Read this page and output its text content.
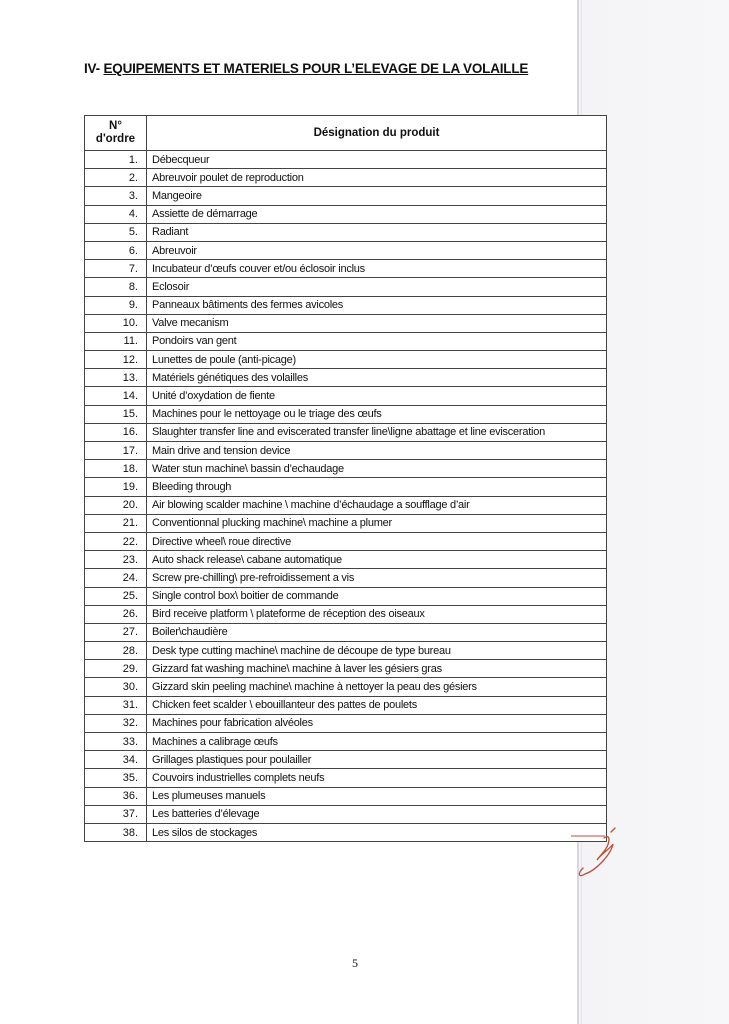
IV- EQUIPEMENTS ET MATERIELS POUR L’ELEVAGE DE LA VOLAILLE
N°
d'ordre	Désignation du produit
1.	Débecqueur
2.	Abreuvoir poulet de reproduction
3.	Mangeoire
4.	Assiette de démarrage
5.	Radiant
6.	Abreuvoir
7.	Incubateur d’œufs couver et/ou éclosoir inclus
8.	Eclosoir
9.	Panneaux bâtiments des fermes avicoles
10.	Valve mecanism
11.	Pondoirs van gent
12.	Lunettes de poule (anti-picage)
13.	Matériels génétiques des volailles
14.	Unité d’oxydation de fiente
15.	Machines pour le nettoyage ou le triage des œufs
16.	Slaughter transfer line and eviscerated transfer line\ligne abattage et line evisceration
17.	Main drive and tension device
18.	Water stun machine\ bassin d’echaudage
19.	Bleeding through
20.	Air blowing scalder machine \ machine d’échaudage a soufflage d’air
21.	Conventionnal plucking machine\ machine a plumer
22.	Directive wheel\ roue directive
23.	Auto shack release\ cabane automatique
24.	Screw pre-chilling\ pre-refroidissement a vis
25.	Single control box\ boitier de commande
26.	Bird receive platform \ plateforme de réception des oiseaux
27.	Boiler\chaudière
28.	Desk type cutting machine\ machine de découpe de type bureau
29.	Gizzard fat washing machine\ machine à laver les gésiers gras
30.	Gizzard skin peeling machine\ machine à nettoyer la peau des gésiers
31.	Chicken feet scalder \ ebouillanteur des pattes de poulets
32.	Machines pour fabrication alvéoles
33.	Machines a calibrage œufs
34.	Grillages plastiques pour poulailler
35.	Couvoirs industrielles complets neufs
36.	Les plumeuses manuels
37.	Les batteries d’élevage
38.	Les silos de stockages
5
